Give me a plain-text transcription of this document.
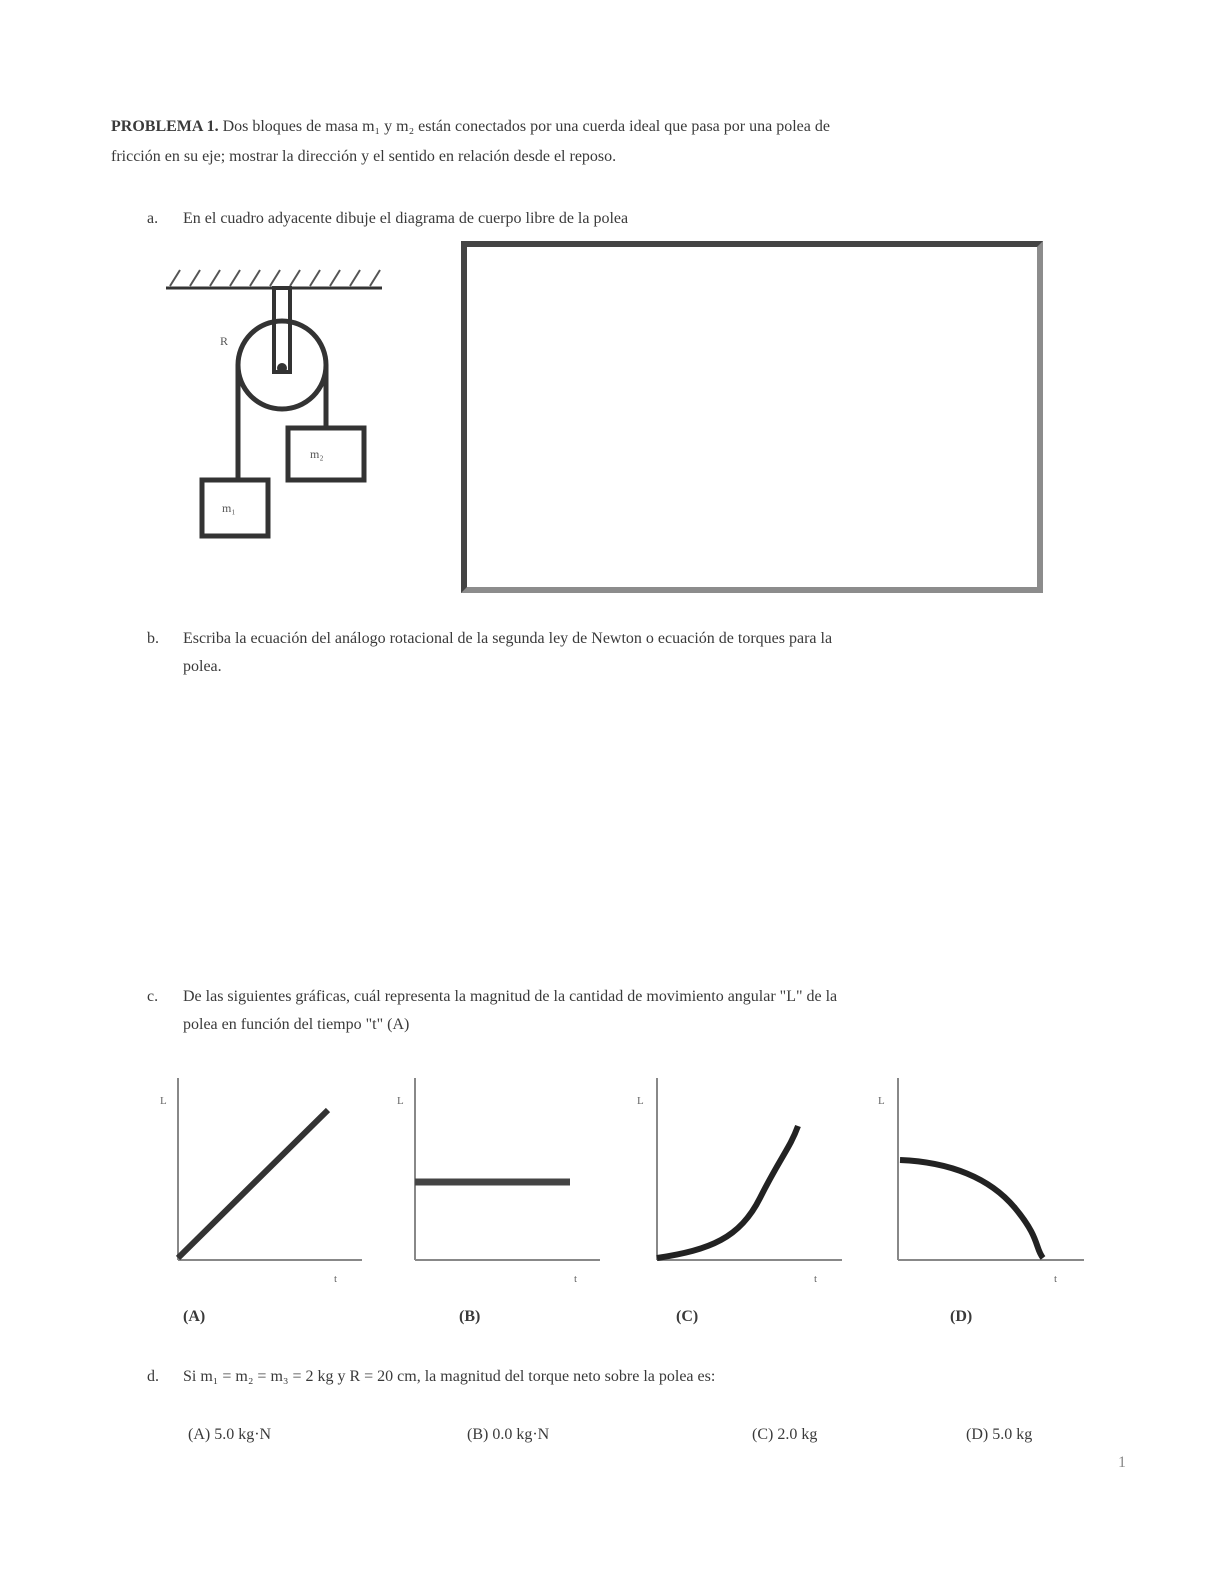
PROBLEMA 1. Dos bloques de masa m₁ y m₂ están conectados por una cuerda ideal que pasa por una polea de
fricción en su eje; mostrar la dirección y el sentido en relación desde el reposo.
a. En el cuadro adyacente dibuje el diagrama de cuerpo libre de la polea
R
m₁
m₂
b. Escriba la ecuación del análogo rotacional de la segunda ley de Newton o ecuación de torques para la
polea.
c. De las siguientes gráficas, cuál representa la magnitud de la cantidad de movimiento angular "L" de la
polea en función del tiempo "t" (A)
L
t
L
t
L
t
L
t
(A)	(B)	(C)	(D)
d. Si m₁ = m₂ = m₃ = 2 kg y R = 20 cm, la magnitud del torque neto sobre la polea es:
(A) 5.0 kg·N	(B) 0.0 kg·N	(C) 2.0 kg	(D) 5.0 kg
1
